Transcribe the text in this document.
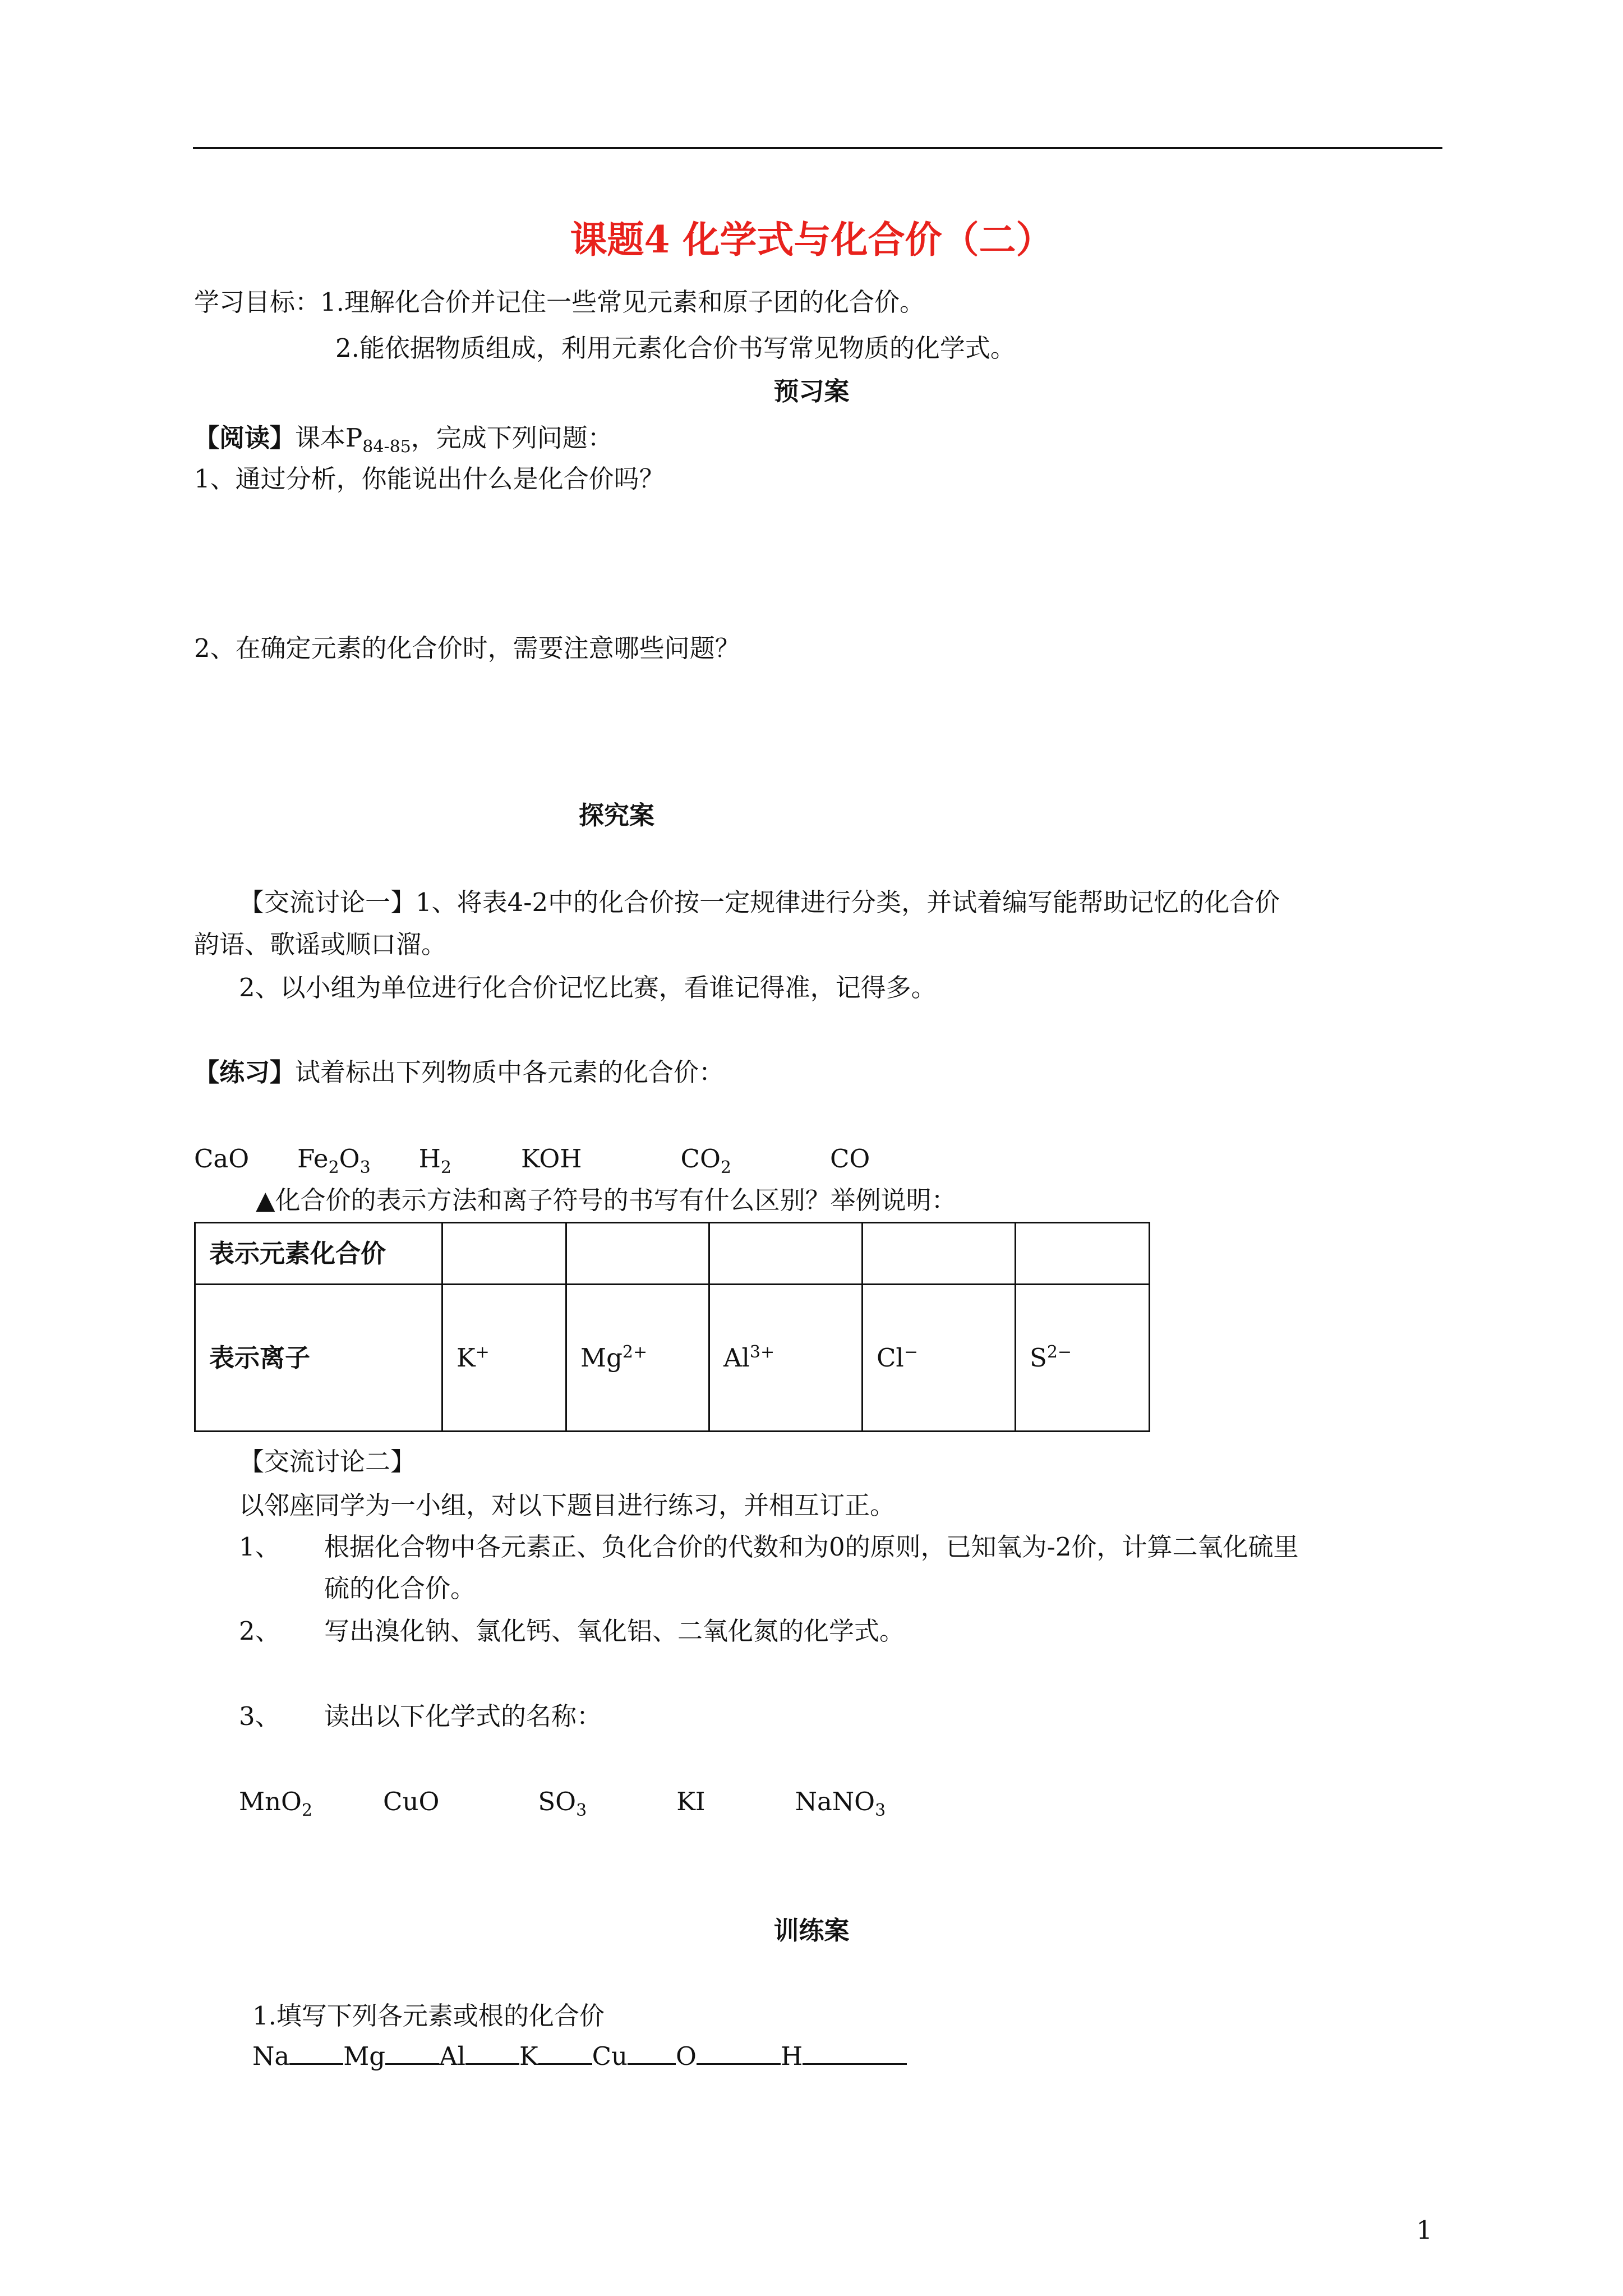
课题4 化学式与化合价（二）
学习目标：1.理解化合价并记住一些常见元素和原子团的化合价。
2.能依据物质组成，利用元素化合价书写常见物质的化学式。
预习案
【阅读】课本$P_{84-85}$，完成下列问题：
1、通过分析，你能说出什么是化合价吗？
2、在确定元素的化合价时，需要注意哪些问题？
探究案
【交流讨论一】1、将表4-2中的化合价按一定规律进行分类，并试着编写能帮助记忆的化合价
韵语、歌谣或顺口溜。
2、以小组为单位进行化合价记忆比赛，看谁记得准，记得多。
【练习】试着标出下列物质中各元素的化合价：
CaO $Fe_2O_3$ $H_2$	KOH	$CO_2$	CO
▲化合价的表示方法和离子符号的书写有什么区别？举例说明：
表示元素化合价					
表示离子	K+	$Mg^{2+}$	$Al^{3+}$	Cl−	$S^{2-}$
【交流讨论二】
以邻座同学为一小组，对以下题目进行练习，并相互订正。
1、 根据化合物中各元素正、负化合价的代数和为0的原则，已知氧为-2价，计算二氧化硫里
硫的化合价。
2、 写出溴化钠、氯化钙、氧化铝、二氧化氮的化学式。
3、 读出以下化学式的名称：
MnO$_2$	CuO	$SO_3$	KI	NaNO$_3$
训练案
1.填写下列各元素或根的化合价
Na Mg Al K Cu O	H
1
